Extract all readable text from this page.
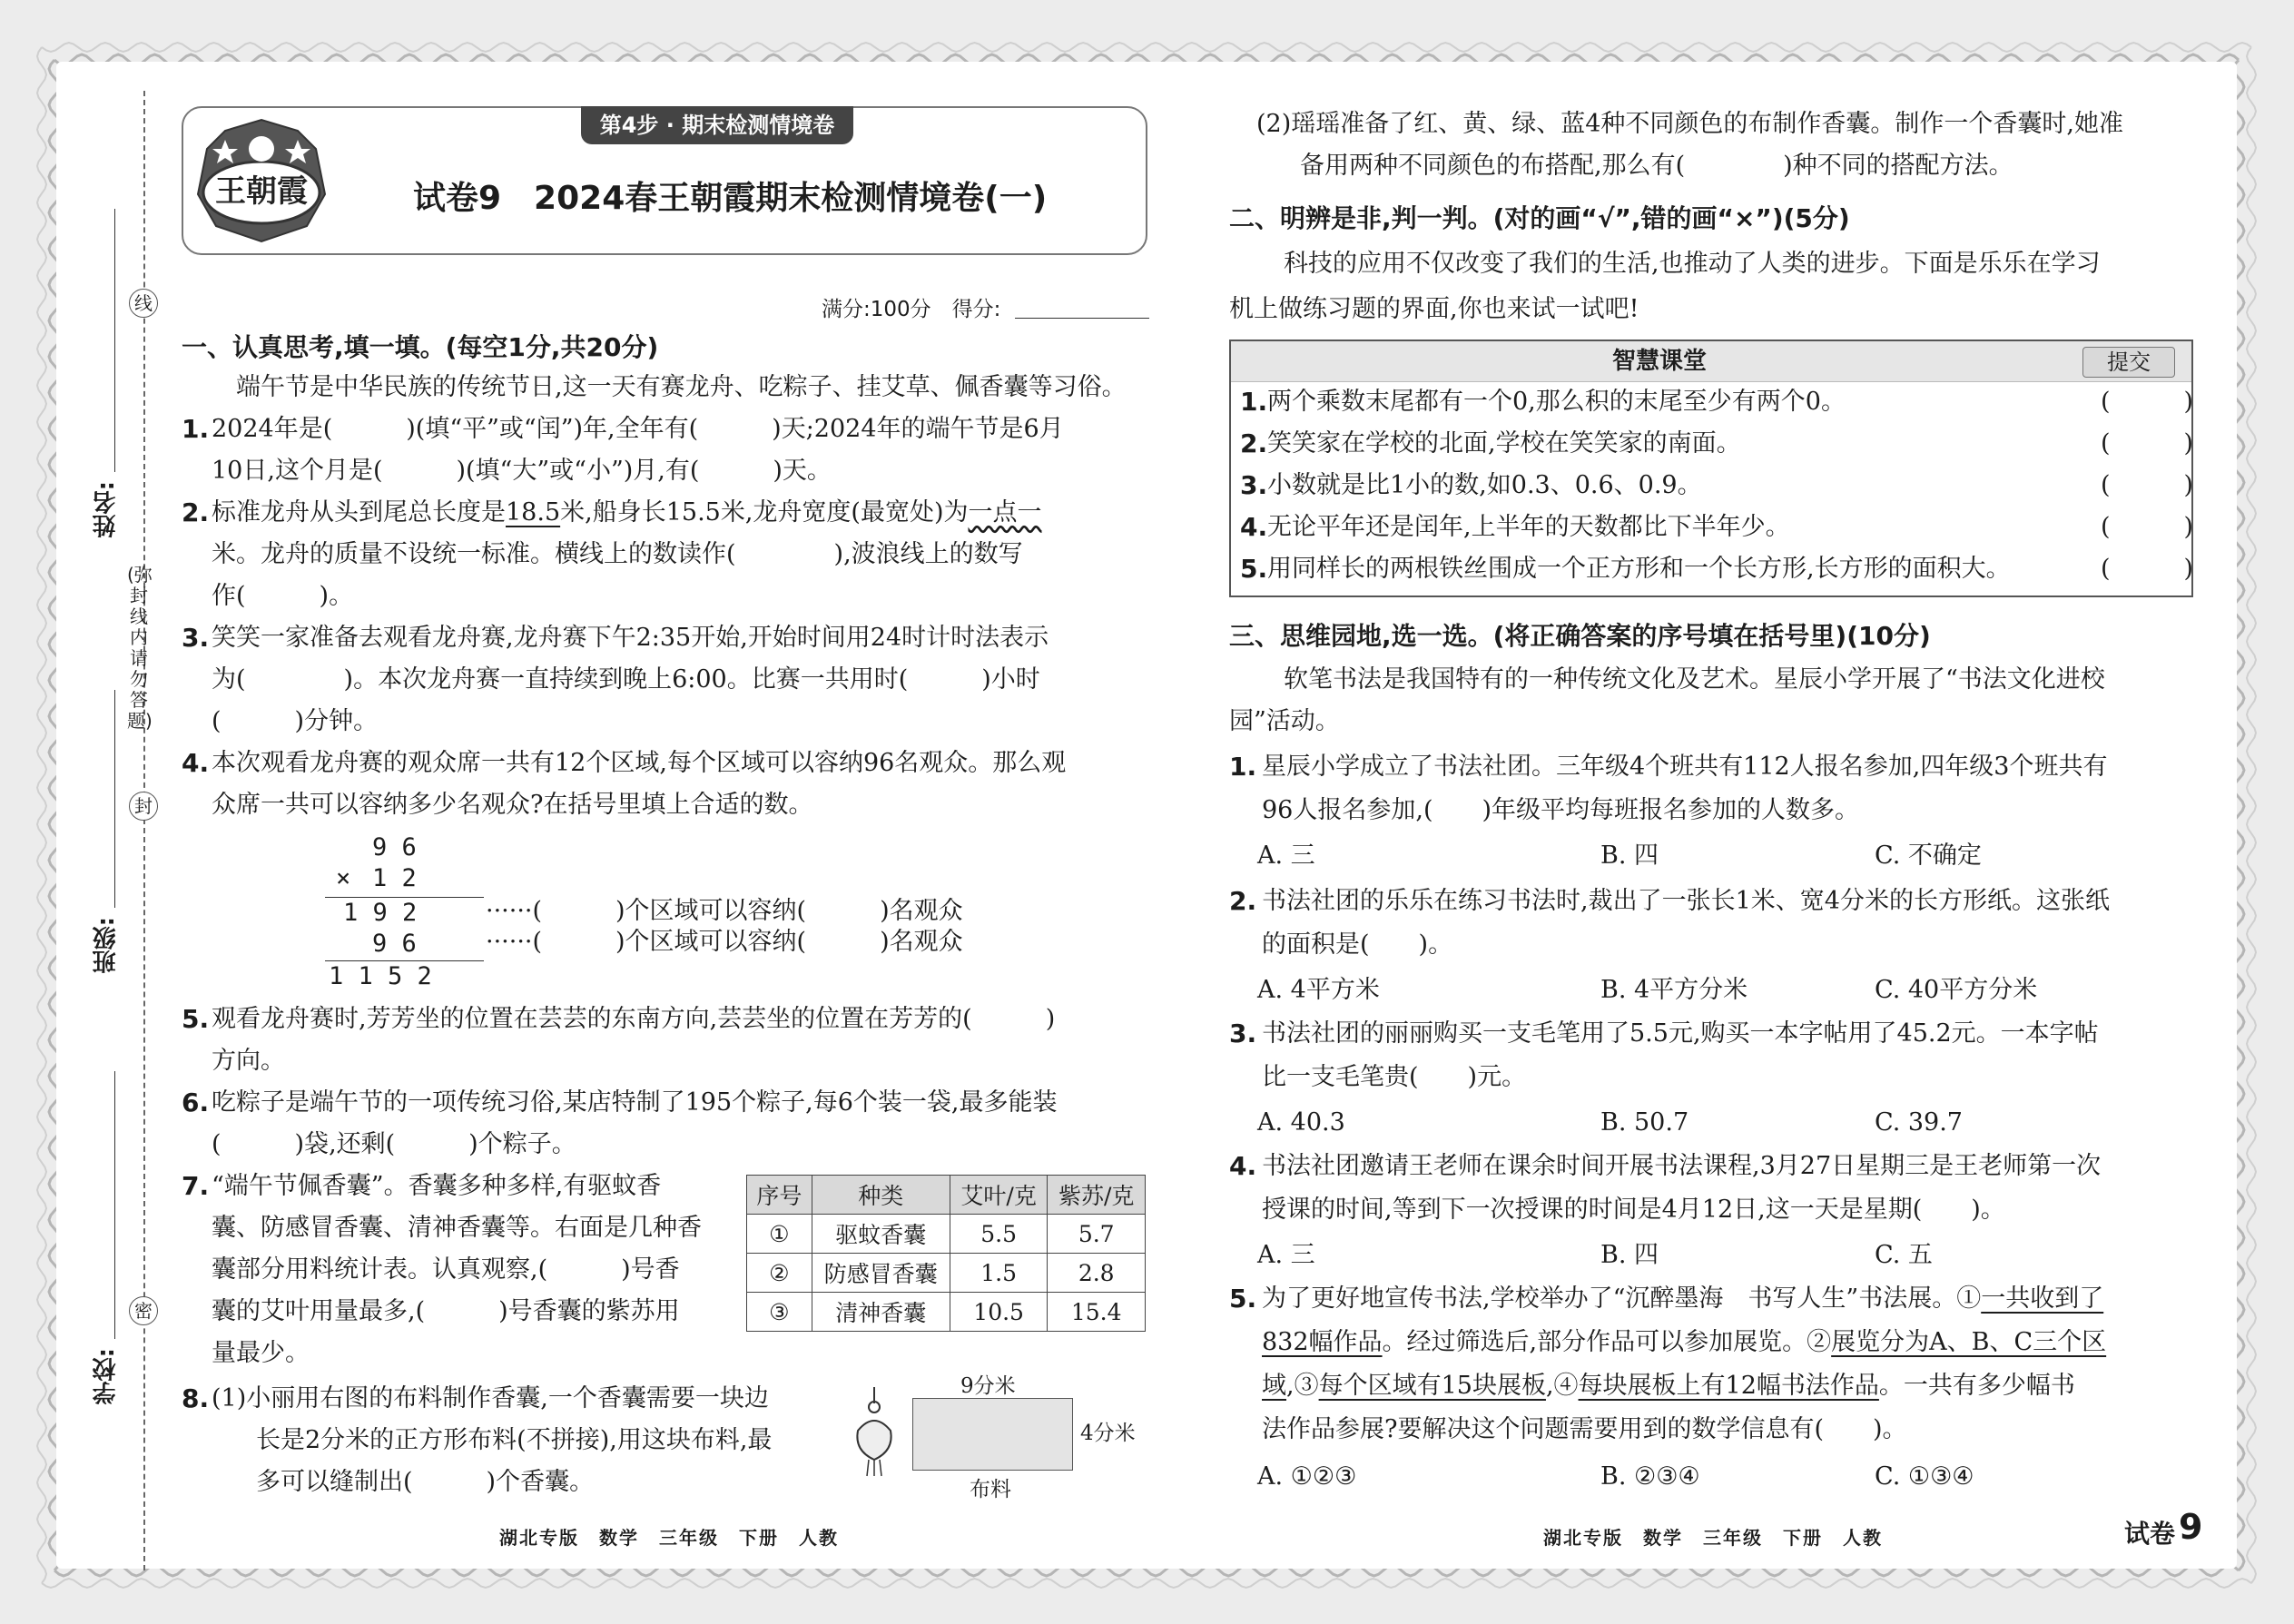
线
封
密
(弥封线内请勿答题)
姓名:
班级:
学校:
第4步 · 期末检测情境卷
王朝霞	试卷9　2024春王朝霞期末检测情境卷(一)
满分:100分　得分:
一、认真思考,填一填。(每空1分,共20分)
端午节是中华民族的传统节日,这一天有赛龙舟、吃粽子、挂艾草、佩香囊等习俗。
1. 2024年是(　　　)(填“平”或“闰”)年,全年有(　　　)天;2024年的端午节是6月
10日,这个月是(　　　)(填“大”或“小”)月,有(　　　)天。
2. 标准龙舟从头到尾总长度是18.5米,船身长15.5米,龙舟宽度(最宽处)为一点一
米。龙舟的质量不设统一标准。横线上的数读作(　　　　),波浪线上的数写
作(　　　)。
3. 笑笑一家准备去观看龙舟赛,龙舟赛下午2:35开始,开始时间用24时计时法表示
为(　　　　)。本次龙舟赛一直持续到晚上6:00。比赛一共用时(　　　)小时
(　　　)分钟。
4. 本次观看龙舟赛的观众席一共有12个区域,每个区域可以容纳96名观众。那么观
众席一共可以容纳多少名观众?在括号里填上合适的数。
9 6
× 1 2
1 9 2	······(　　　)个区域可以容纳(　　　)名观众
9 6	······(　　　)个区域可以容纳(　　　)名观众
1 1 5 2
5. 观看龙舟赛时,芳芳坐的位置在芸芸的东南方向,芸芸坐的位置在芳芳的(　　　)
方向。
6. 吃粽子是端午节的一项传统习俗,某店特制了195个粽子,每6个装一袋,最多能装
(　　　)袋,还剩(　　　)个粽子。
7. “端午节佩香囊”。香囊多种多样,有驱蚊香
囊、防感冒香囊、清神香囊等。右面是几种香
囊部分用料统计表。认真观察,(　　　)号香
囊的艾叶用量最多,(　　　)号香囊的紫苏用
量最少。
序号	种类	艾叶/克	紫苏/克
①	驱蚊香囊	5.5	5.7
②	防感冒香囊	1.5	2.8
③	清神香囊	10.5	15.4
8. (1)小丽用右图的布料制作香囊,一个香囊需要一块边
长是2分米的正方形布料(不拼接),用这块布料,最
多可以缝制出(　　　)个香囊。
9分米
4分米
布料
湖北专版　数学　三年级　下册　人教
(2)瑶瑶准备了红、黄、绿、蓝4种不同颜色的布制作香囊。制作一个香囊时,她准
备用两种不同颜色的布搭配,那么有(　　　　)种不同的搭配方法。
二、明辨是非,判一判。(对的画“√”,错的画“×”)(5分)
科技的应用不仅改变了我们的生活,也推动了人类的进步。下面是乐乐在学习
机上做练习题的界面,你也来试一试吧!
智慧课堂	提交
1. 两个乘数末尾都有一个0,那么积的末尾至少有两个0。	(　　　)
2. 笑笑家在学校的北面,学校在笑笑家的南面。	(　　　)
3. 小数就是比1小的数,如0.3、0.6、0.9。	(　　　)
4. 无论平年还是闰年,上半年的天数都比下半年少。	(　　　)
5. 用同样长的两根铁丝围成一个正方形和一个长方形,长方形的面积大。	(　　　)
三、思维园地,选一选。(将正确答案的序号填在括号里)(10分)
软笔书法是我国特有的一种传统文化及艺术。星辰小学开展了“书法文化进校
园”活动。
1. 星辰小学成立了书法社团。三年级4个班共有112人报名参加,四年级3个班共有
96人报名参加,(　　)年级平均每班报名参加的人数多。
A. 三	B. 四	C. 不确定
2. 书法社团的乐乐在练习书法时,裁出了一张长1米、宽4分米的长方形纸。这张纸
的面积是(　　)。
A. 4平方米	B. 4平方分米	C. 40平方分米
3. 书法社团的丽丽购买一支毛笔用了5.5元,购买一本字帖用了45.2元。一本字帖
比一支毛笔贵(　　)元。
A. 40.3	B. 50.7	C. 39.7
4. 书法社团邀请王老师在课余时间开展书法课程,3月27日星期三是王老师第一次
授课的时间,等到下一次授课的时间是4月12日,这一天是星期(　　)。
A. 三	B. 四	C. 五
5. 为了更好地宣传书法,学校举办了“沉醉墨海　书写人生”书法展。①一共收到了
832幅作品。经过筛选后,部分作品可以参加展览。②展览分为A、B、C三个区
域,③每个区域有15块展板,④每块展板上有12幅书法作品。一共有多少幅书
法作品参展?要解决这个问题需要用到的数学信息有(　　)。
A. ①②③	B. ②③④	C. ①③④
湖北专版　数学　三年级　下册　人教	试卷 9
